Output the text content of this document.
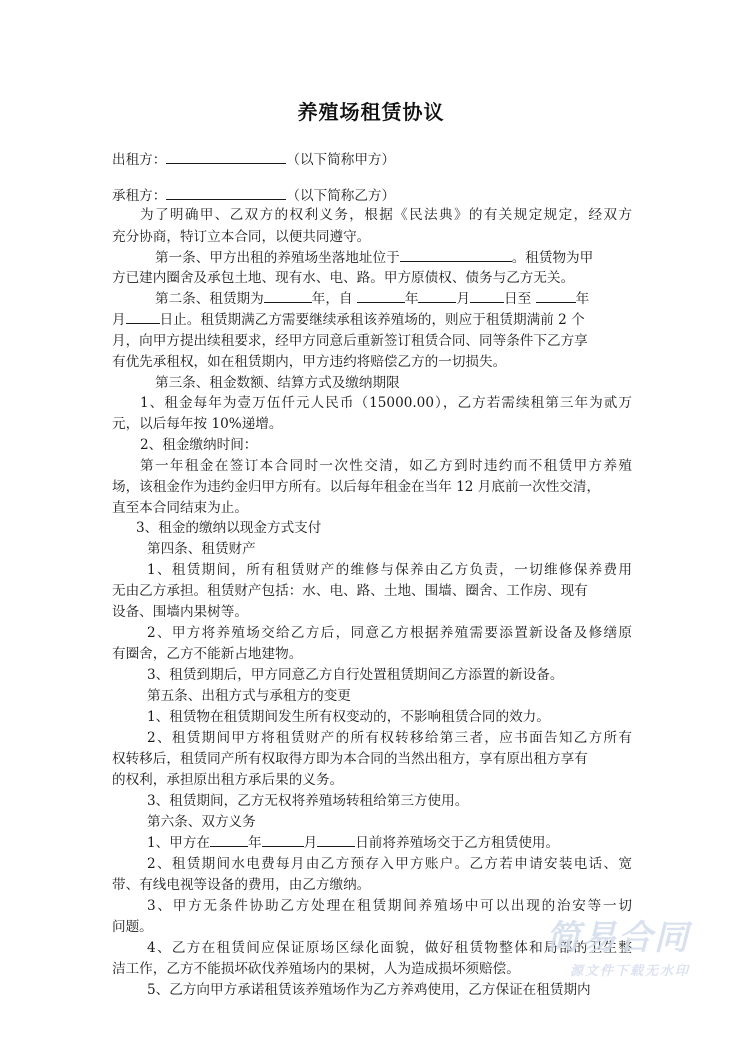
养殖场租赁协议
出租方：	（以下简称甲方）
承租方：	（以下简称乙方）
为了明确甲、乙双方的权利义务，根据《民法典》的有关规定规定，经双方
充分协商，特订立本合同，以便共同遵守。
第一条、甲方出租的养殖场坐落地址位于	。租赁物为甲
方已建内圈舍及承包土地、现有水、电、路。甲方原债权、债务与乙方无关。
第二条、租赁期为	年，自	年	月	日至	年
月	日止。租赁期满乙方需要继续承租该养殖场的，则应于租赁期满前 2 个
月，向甲方提出续租要求，经甲方同意后重新签订租赁合同、同等条件下乙方享
有优先承租权，如在租赁期内，甲方违约将赔偿乙方的一切损失。
第三条、租金数额、结算方式及缴纳期限
1、租金每年为壹万伍仟元人民币（15000.00），乙方若需续租第三年为贰万
元，以后每年按 10%递增。
2、租金缴纳时间：
第一年租金在签订本合同时一次性交清，如乙方到时违约而不租赁甲方养殖
场，该租金作为违约金归甲方所有。以后每年租金在当年 12 月底前一次性交清，
直至本合同结束为止。
3、租金的缴纳以现金方式支付
第四条、租赁财产
1、租赁期间，所有租赁财产的维修与保养由乙方负责，一切维修保养费用
无由乙方承担。租赁财产包括：水、电、路、土地、围墙、圈舍、工作房、现有
设备、围墙内果树等。
2、甲方将养殖场交给乙方后，同意乙方根据养殖需要添置新设备及修缮原
有圈舍，乙方不能新占地建物。
3、租赁到期后，甲方同意乙方自行处置租赁期间乙方添置的新设备。
第五条、出租方式与承租方的变更
1、租赁物在租赁期间发生所有权变动的，不影响租赁合同的效力。
2、租赁期间甲方将租赁财产的所有权转移给第三者，应书面告知乙方所有
权转移后，租赁同产所有权取得方即为本合同的当然出租方，享有原出租方享有
的权利，承担原出租方承后果的义务。
3、租赁期间，乙方无权将养殖场转租给第三方使用。
第六条、双方义务
1、甲方在	年	月	日前将养殖场交于乙方租赁使用。
2、租赁期间水电费每月由乙方预存入甲方账户。乙方若申请安装电话、宽
带、有线电视等设备的费用，由乙方缴纳。
3、甲方无条件协助乙方处理在租赁期间养殖场中可以出现的治安等一切
问题。
4、乙方在租赁间应保证原场区绿化面貌，做好租赁物整体和局部的卫生整
洁工作，乙方不能损坏砍伐养殖场内的果树，人为造成损坏须赔偿。
5、乙方向甲方承诺租赁该养殖场作为乙方养鸡使用，乙方保证在租赁期内
简易合同
源文件下载无水印
